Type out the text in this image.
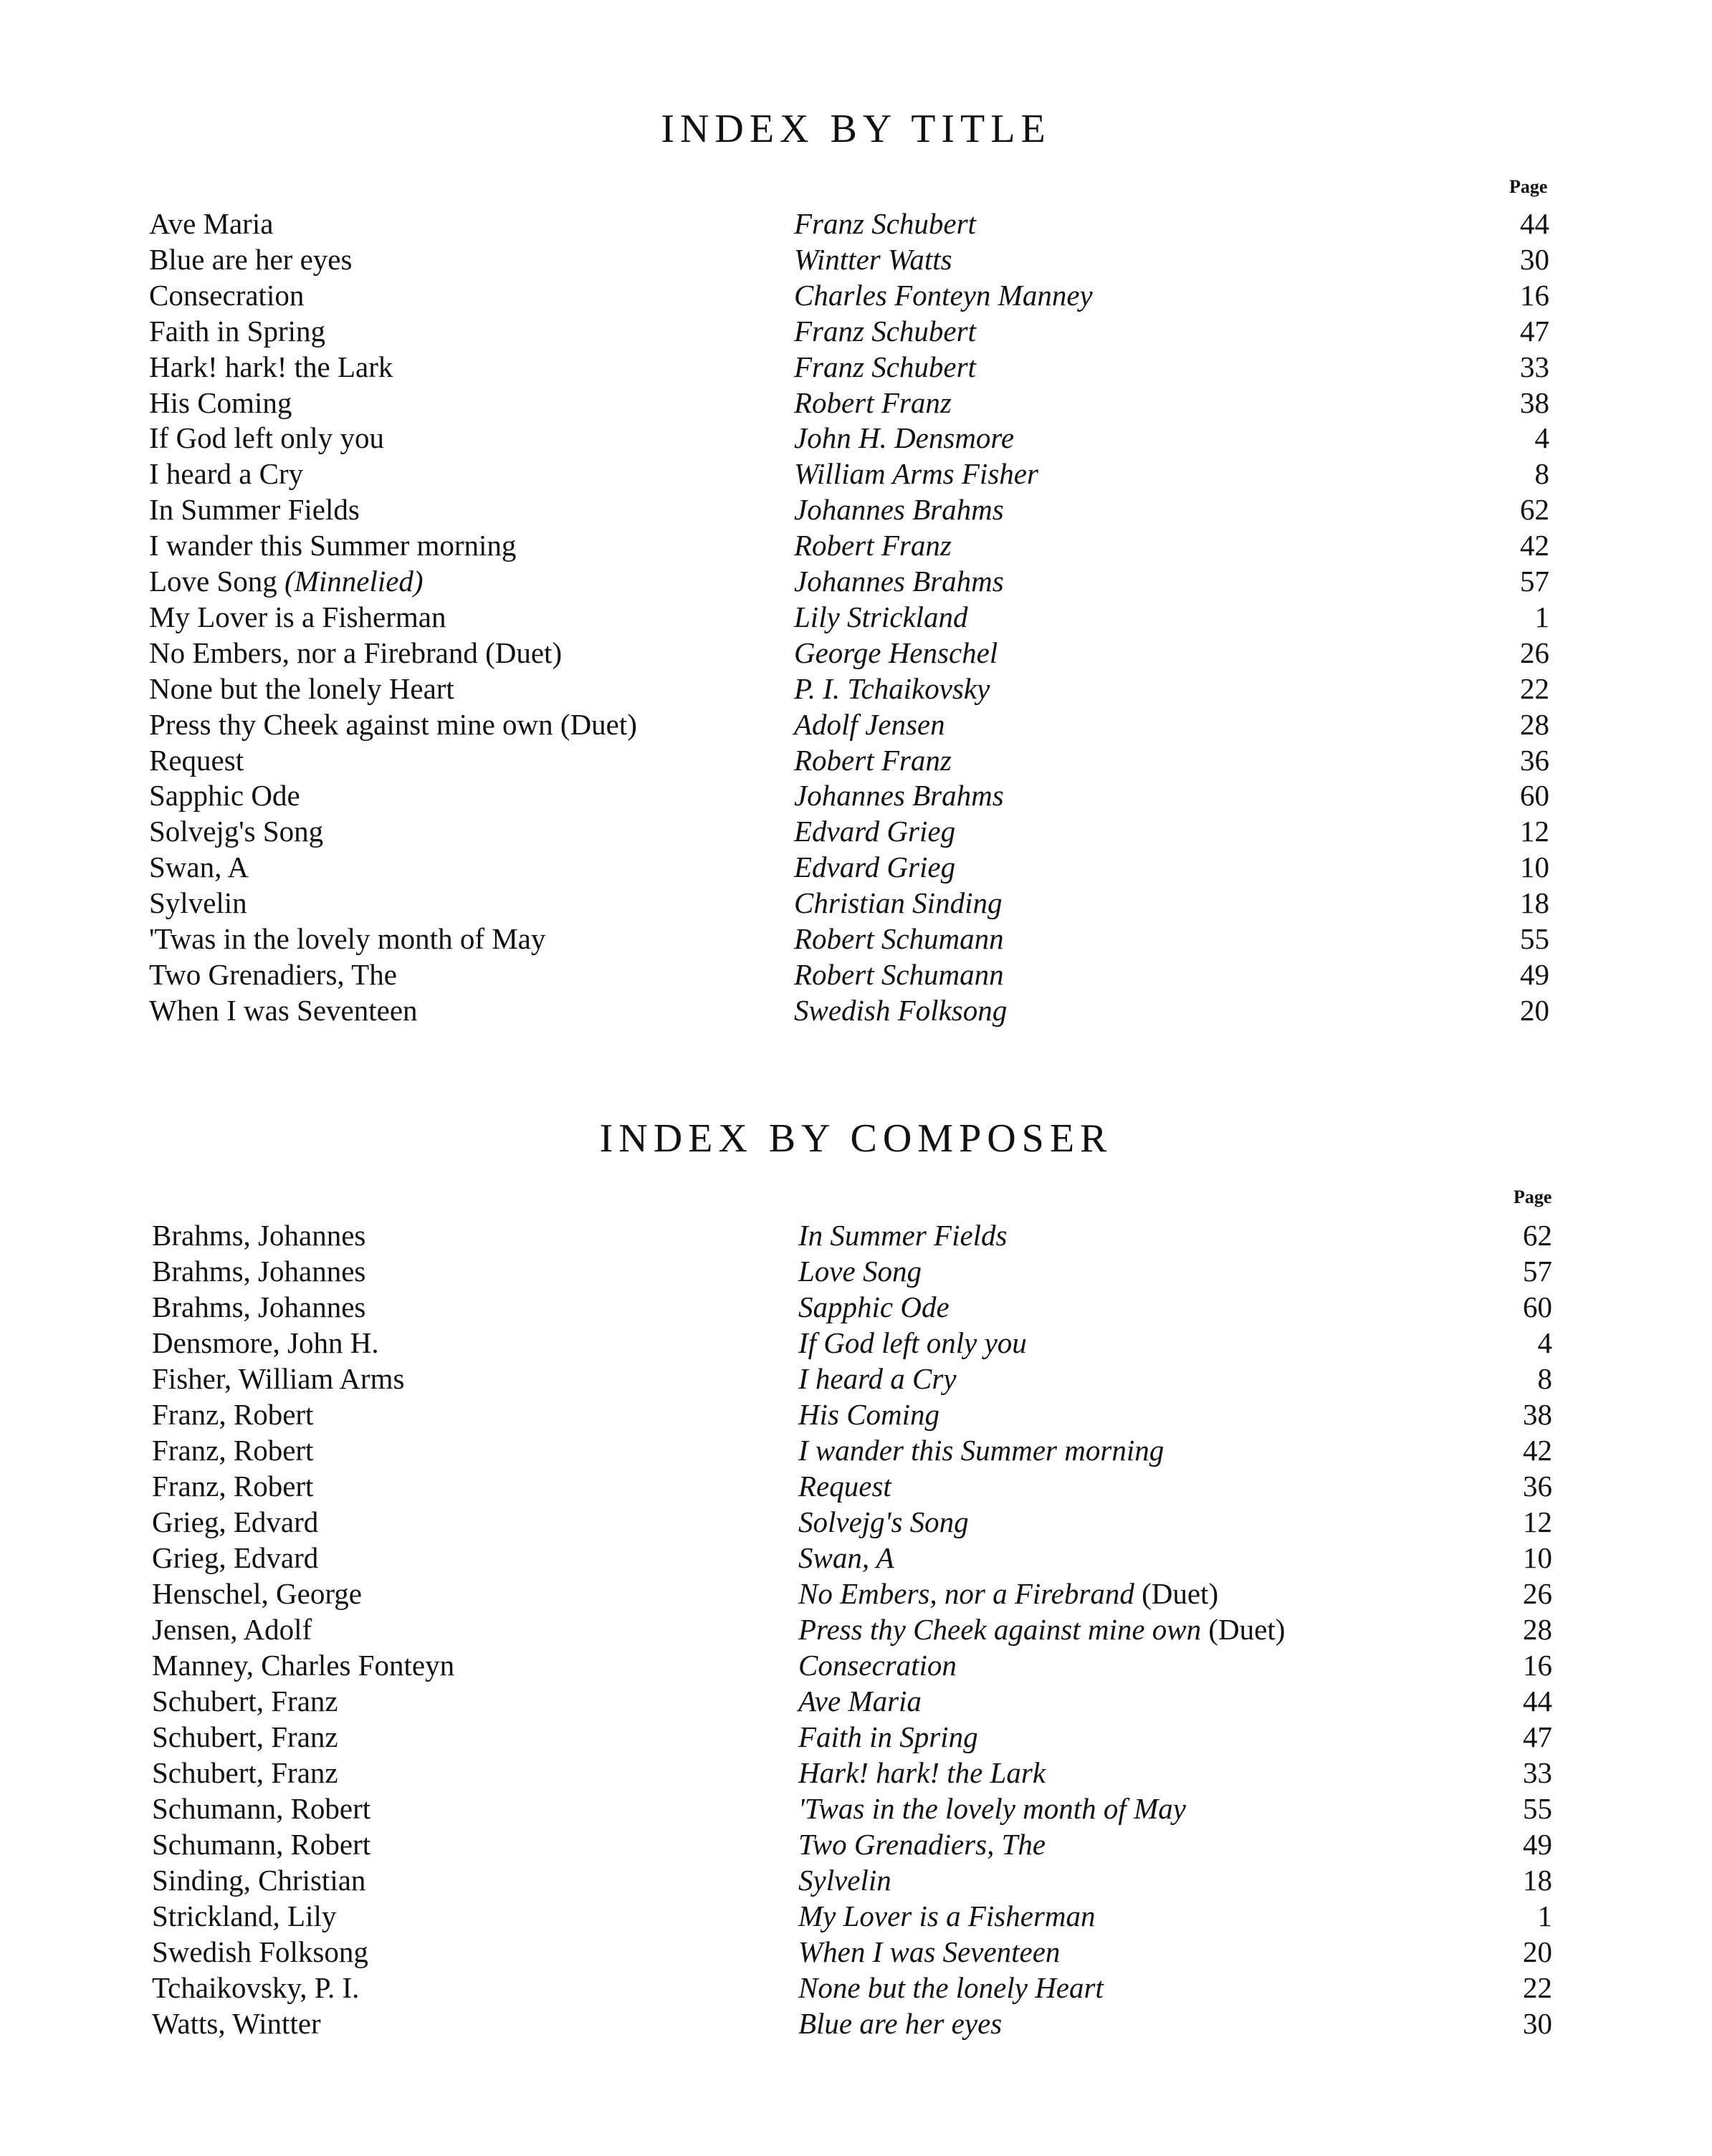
INDEX BY TITLE
Page
Ave Maria	Franz Schubert	44
Blue are her eyes	Wintter Watts	30
Consecration	Charles Fonteyn Manney	16
Faith in Spring	Franz Schubert	47
Hark! hark! the Lark	Franz Schubert	33
His Coming	Robert Franz	38
If God left only you	John H. Densmore	4
I heard a Cry	William Arms Fisher	8
In Summer Fields	Johannes Brahms	62
I wander this Summer morning	Robert Franz	42
Love Song (Minnelied)	Johannes Brahms	57
My Lover is a Fisherman	Lily Strickland	1
No Embers, nor a Firebrand (Duet)	George Henschel	26
None but the lonely Heart	P. I. Tchaikovsky	22
Press thy Cheek against mine own (Duet)	Adolf Jensen	28
Request	Robert Franz	36
Sapphic Ode	Johannes Brahms	60
Solvejg's Song	Edvard Grieg	12
Swan, A	Edvard Grieg	10
Sylvelin	Christian Sinding	18
'Twas in the lovely month of May	Robert Schumann	55
Two Grenadiers, The	Robert Schumann	49
When I was Seventeen	Swedish Folksong	20
INDEX BY COMPOSER
Page
Brahms, Johannes	In Summer Fields	62
Brahms, Johannes	Love Song	57
Brahms, Johannes	Sapphic Ode	60
Densmore, John H.	If God left only you	4
Fisher, William Arms	I heard a Cry	8
Franz, Robert	His Coming	38
Franz, Robert	I wander this Summer morning	42
Franz, Robert	Request	36
Grieg, Edvard	Solvejg's Song	12
Grieg, Edvard	Swan, A	10
Henschel, George	No Embers, nor a Firebrand (Duet)	26
Jensen, Adolf	Press thy Cheek against mine own (Duet)	28
Manney, Charles Fonteyn	Consecration	16
Schubert, Franz	Ave Maria	44
Schubert, Franz	Faith in Spring	47
Schubert, Franz	Hark! hark! the Lark	33
Schumann, Robert	'Twas in the lovely month of May	55
Schumann, Robert	Two Grenadiers, The	49
Sinding, Christian	Sylvelin	18
Strickland, Lily	My Lover is a Fisherman	1
Swedish Folksong	When I was Seventeen	20
Tchaikovsky, P. I.	None but the lonely Heart	22
Watts, Wintter	Blue are her eyes	30
